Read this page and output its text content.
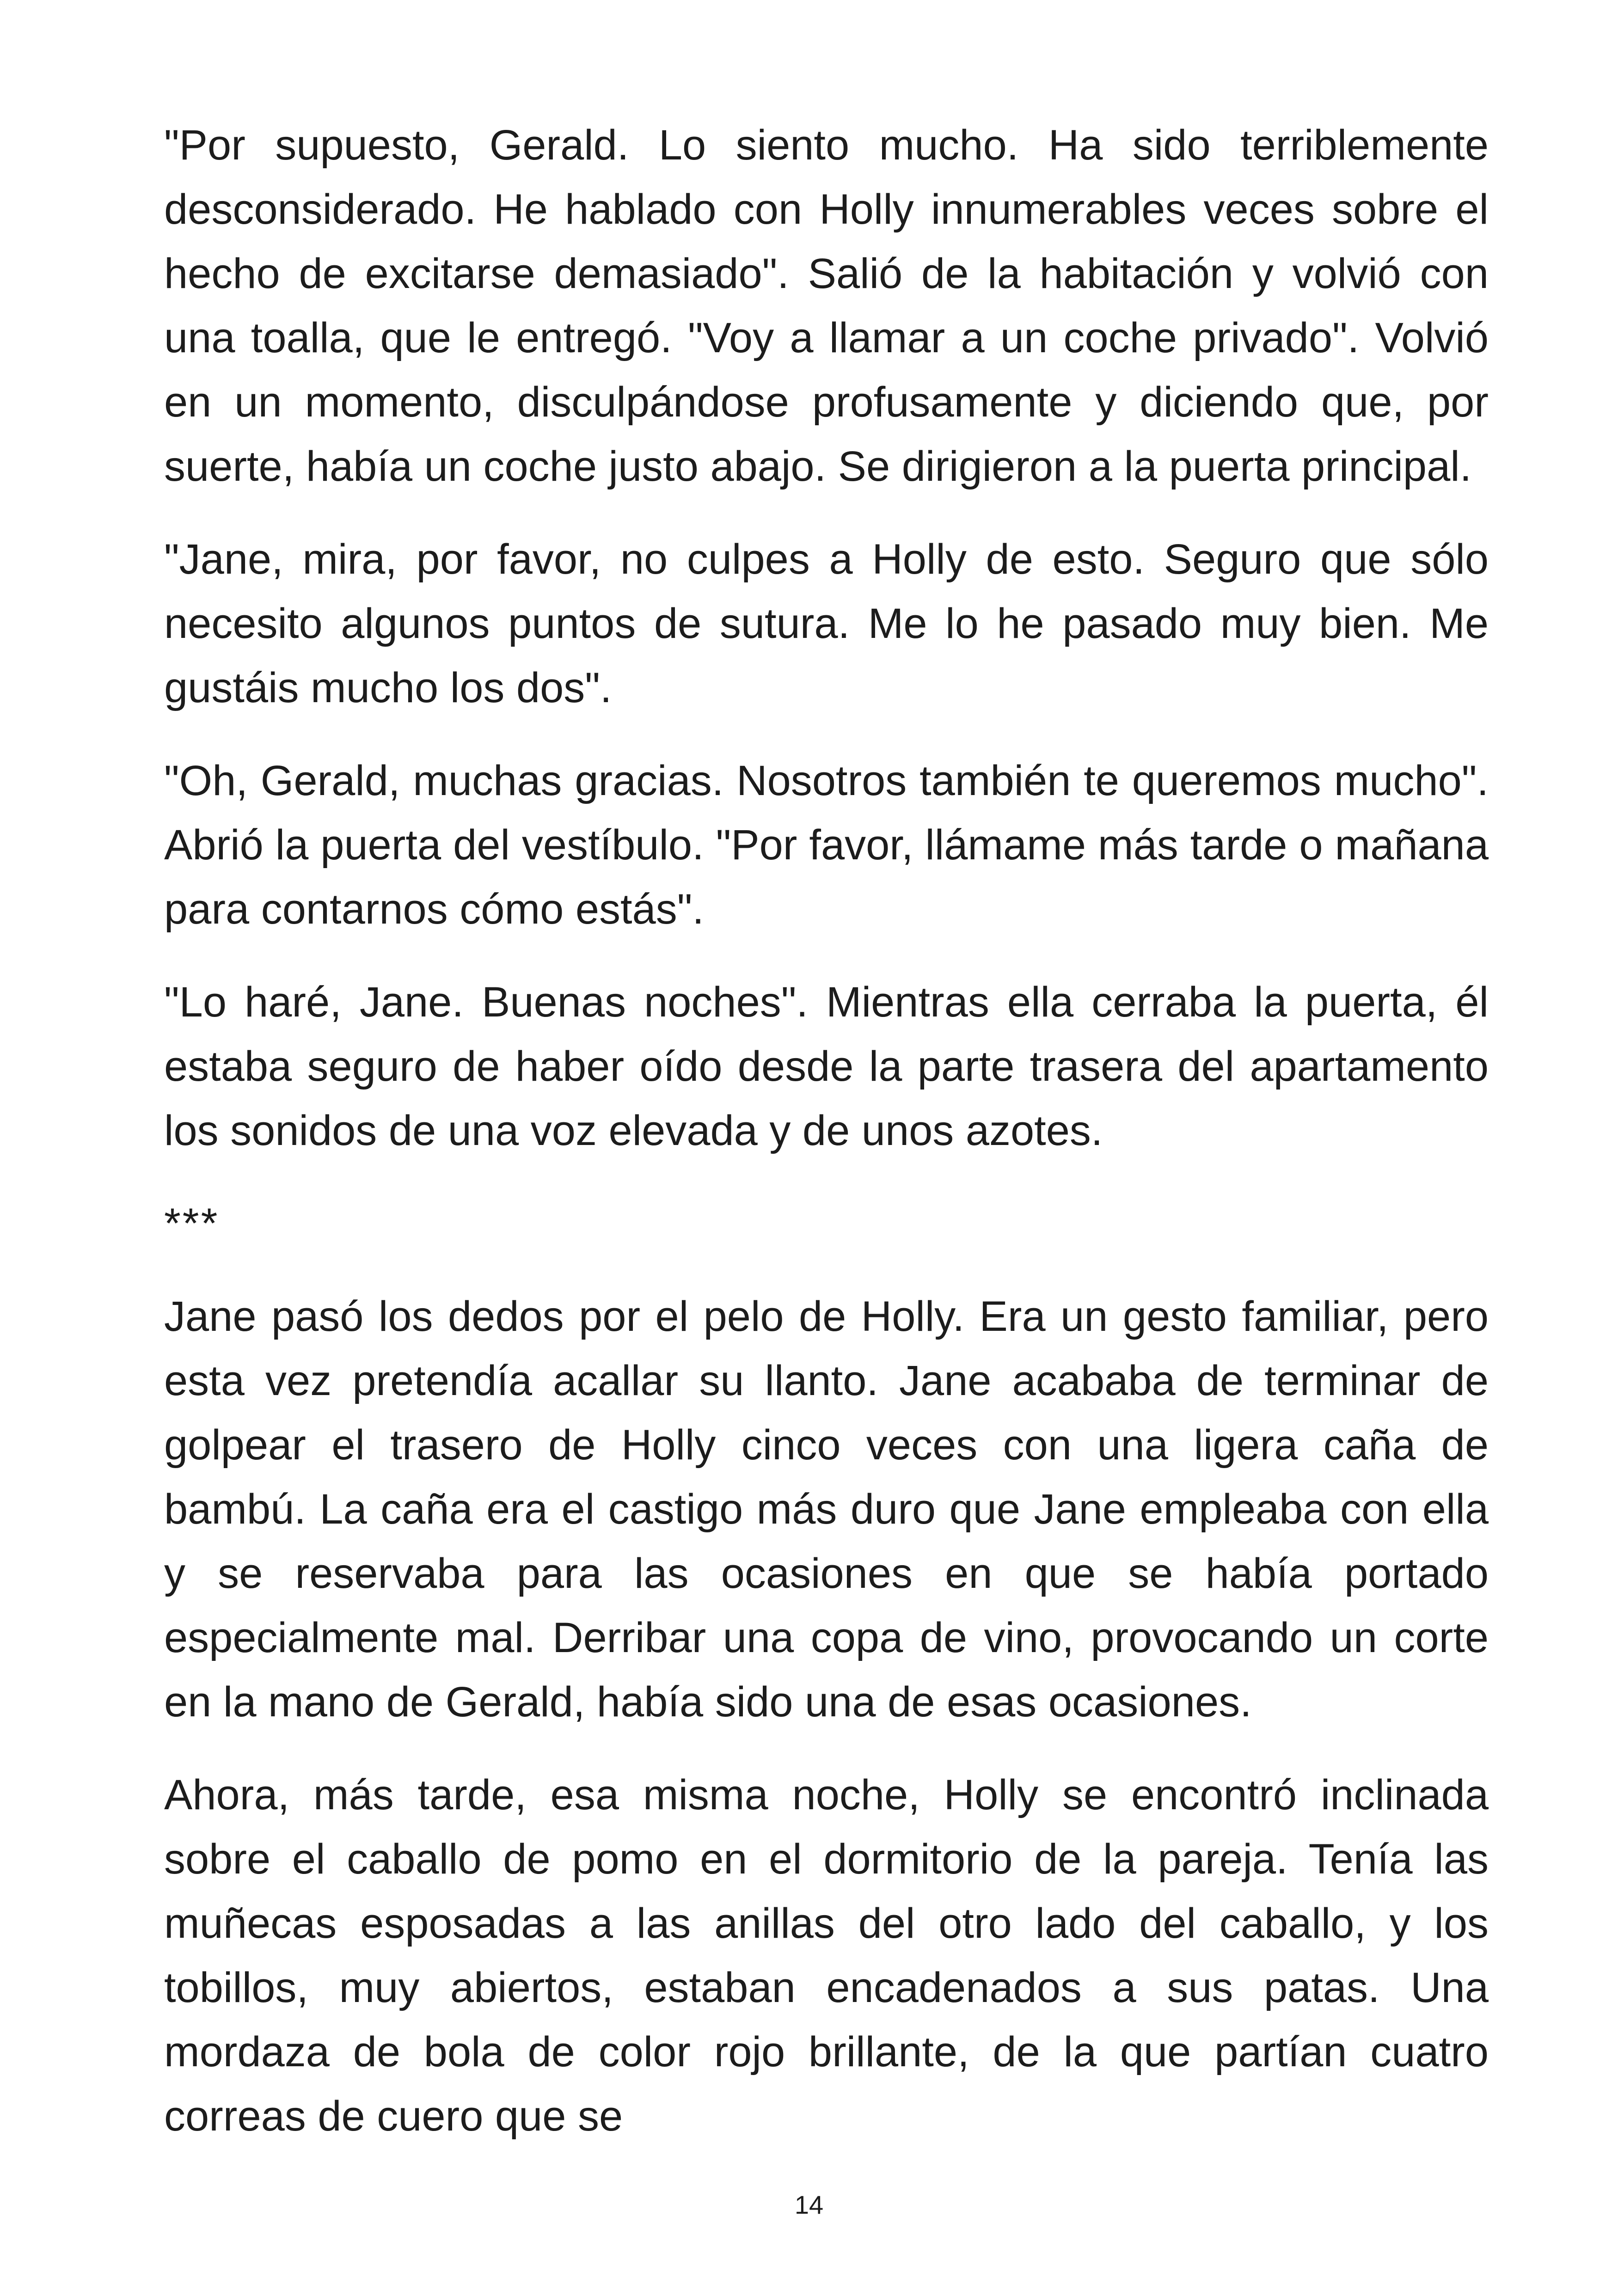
"Por supuesto, Gerald. Lo siento mucho. Ha sido terriblemente desconsiderado. He hablado con Holly innumerables veces sobre el hecho de excitarse demasiado". Salió de la habitación y volvió con una toalla, que le entregó. "Voy a llamar a un coche privado". Volvió en un momento, disculpándose profusamente y diciendo que, por suerte, había un coche justo abajo. Se dirigieron a la puerta principal.

"Jane, mira, por favor, no culpes a Holly de esto. Seguro que sólo necesito algunos puntos de sutura. Me lo he pasado muy bien. Me gustáis mucho los dos".

"Oh, Gerald, muchas gracias. Nosotros también te queremos mucho". Abrió la puerta del vestíbulo. "Por favor, llámame más tarde o mañana para contarnos cómo estás".

"Lo haré, Jane. Buenas noches". Mientras ella cerraba la puerta, él estaba seguro de haber oído desde la parte trasera del apartamento los sonidos de una voz elevada y de unos azotes.

***

Jane pasó los dedos por el pelo de Holly. Era un gesto familiar, pero esta vez pretendía acallar su llanto. Jane acababa de terminar de golpear el trasero de Holly cinco veces con una ligera caña de bambú. La caña era el castigo más duro que Jane empleaba con ella y se reservaba para las ocasiones en que se había portado especialmente mal. Derribar una copa de vino, provocando un corte en la mano de Gerald, había sido una de esas ocasiones.

Ahora, más tarde, esa misma noche, Holly se encontró inclinada sobre el caballo de pomo en el dormitorio de la pareja. Tenía las muñecas esposadas a las anillas del otro lado del caballo, y los tobillos, muy abiertos, estaban encadenados a sus patas. Una mordaza de bola de color rojo brillante, de la que partían cuatro correas de cuero que se

14
